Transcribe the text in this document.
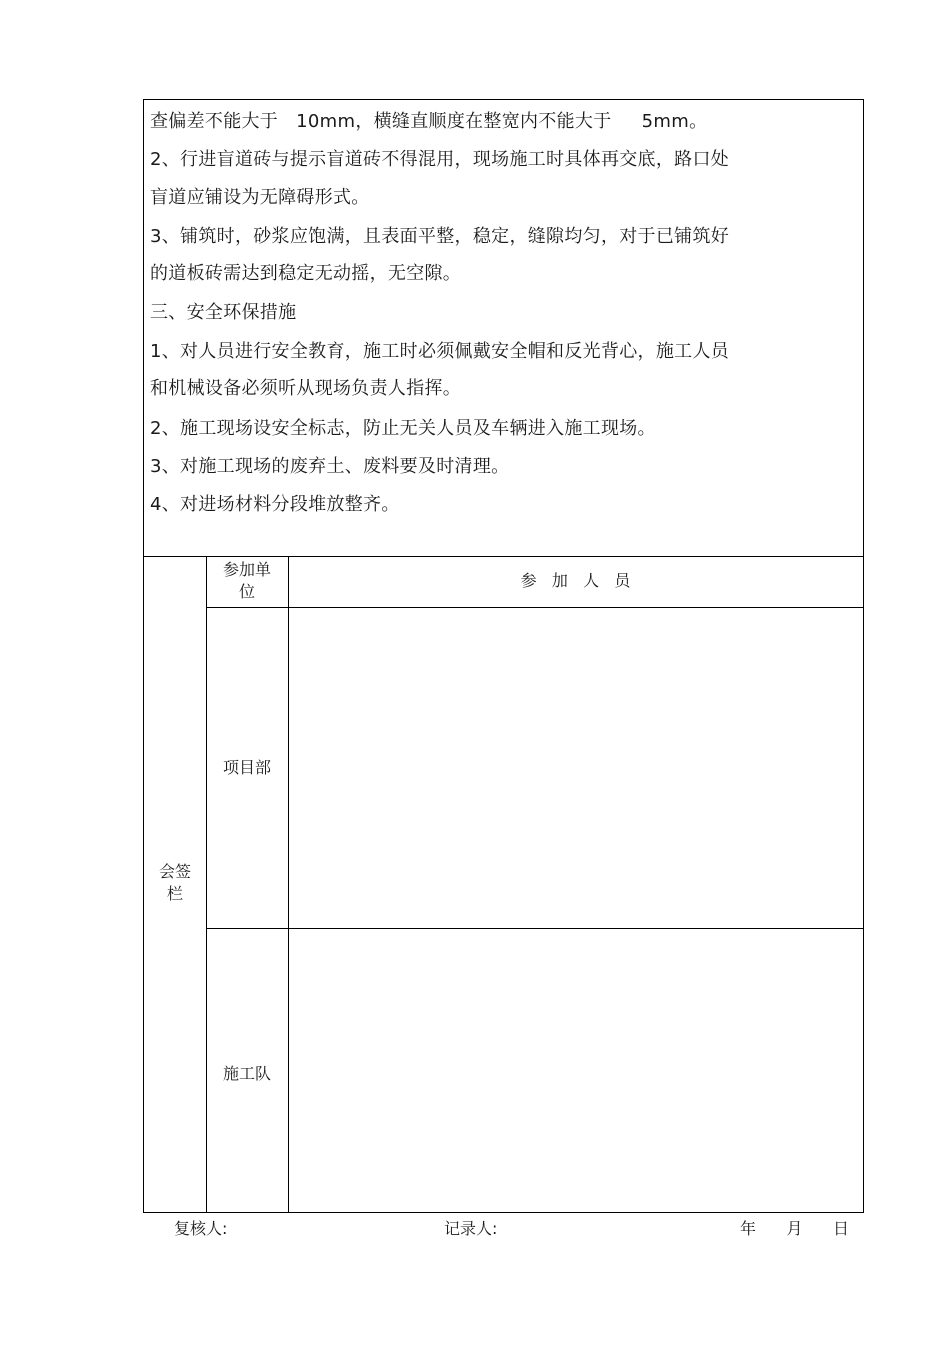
查偏差不能大于   10mm，横缝直顺度在整宽内不能大于     5mm。
2、行进盲道砖与提示盲道砖不得混用，现场施工时具体再交底，路口处
盲道应铺设为无障碍形式。
3、铺筑时，砂浆应饱满，且表面平整，稳定，缝隙均匀，对于已铺筑好
的道板砖需达到稳定无动摇，无空隙。
三、安全环保措施
1、对人员进行安全教育，施工时必须佩戴安全帽和反光背心，施工人员
和机械设备必须听从现场负责人指挥。
2、施工现场设安全标志，防止无关人员及车辆进入施工现场。
3、对施工现场的废弃土、废料要及时清理。
4、对进场材料分段堆放整齐。
会签
栏
参加单
位
参   加   人   员
项目部
施工队
复核人:	记录人:	年      月      日
